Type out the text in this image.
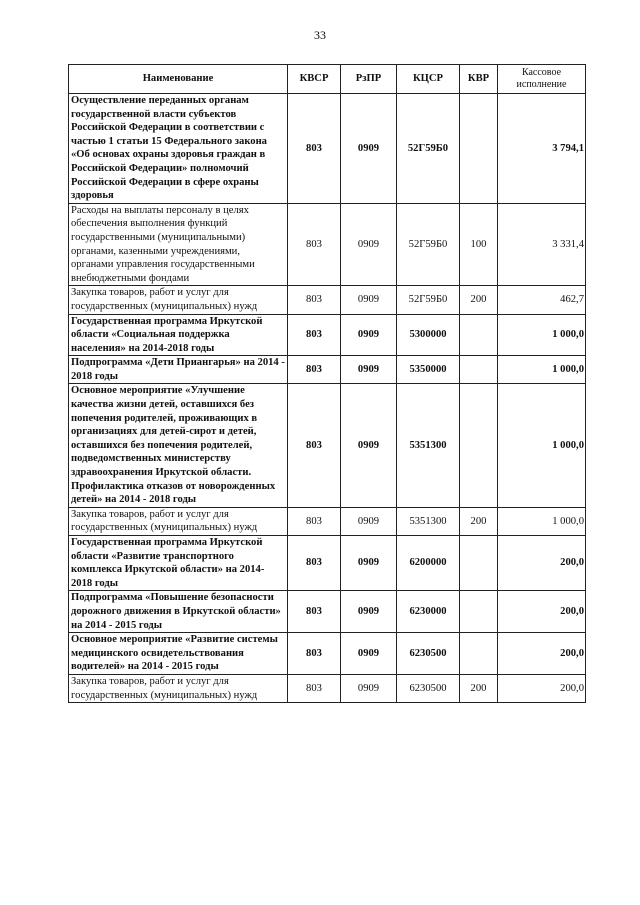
33
Наименование	КВСР	РзПР	КЦСР	КВР	Кассовое исполнение
Осуществление переданных органам государственной власти субъектов Российской Федерации в соответствии с частью 1 статьи 15 Федерального закона «Об основах охраны здоровья граждан в Российской Федерации» полномочий Российской Федерации в сфере охраны здоровья	803	0909	52Г59Б0		3 794,1
Расходы на выплаты персоналу в целях обеспечения выполнения функций государственными (муниципальными) органами, казенными учреждениями, органами управления государственными внебюджетными фондами	803	0909	52Г59Б0	100	3 331,4
Закупка товаров, работ и услуг для государственных (муниципальных) нужд	803	0909	52Г59Б0	200	462,7
Государственная программа Иркутской области «Социальная поддержка населения» на 2014-2018 годы	803	0909	5300000		1 000,0
Подпрограмма «Дети Приангарья» на 2014 - 2018 годы	803	0909	5350000		1 000,0
Основное мероприятие «Улучшение качества жизни детей, оставшихся без попечения родителей, проживающих в организациях для детей-сирот и детей, оставшихся без попечения родителей, подведомственных министерству здравоохранения Иркутской области. Профилактика отказов от новорожденных детей» на 2014 - 2018 годы	803	0909	5351300		1 000,0
Закупка товаров, работ и услуг для государственных (муниципальных) нужд	803	0909	5351300	200	1 000,0
Государственная программа Иркутской области «Развитие транспортного комплекса Иркутской области» на 2014-2018 годы	803	0909	6200000		200,0
Подпрограмма «Повышение безопасности дорожного движения в Иркутской области» на 2014 - 2015 годы	803	0909	6230000		200,0
Основное мероприятие «Развитие системы медицинского освидетельствования водителей» на 2014 - 2015 годы	803	0909	6230500		200,0
Закупка товаров, работ и услуг для государственных (муниципальных) нужд	803	0909	6230500	200	200,0
